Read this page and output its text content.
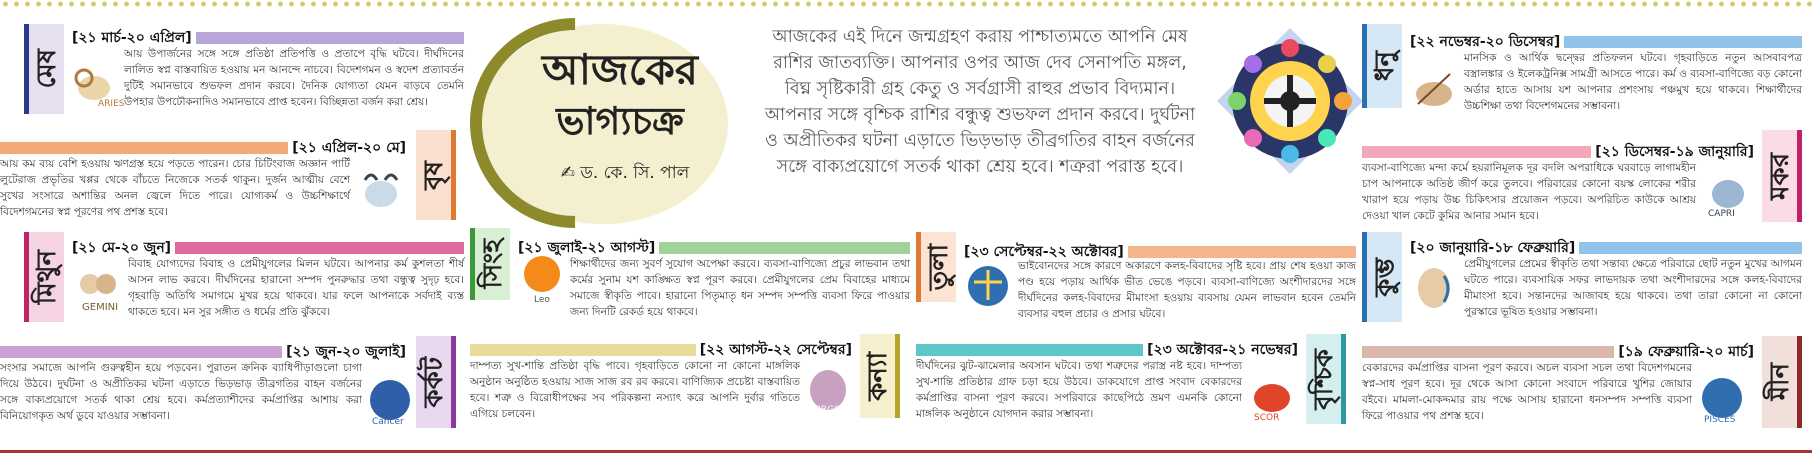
মেষ
[২১ মার্চ-২০ এপ্রিল]
ARIES
আয় উপার্জনের সঙ্গে সঙ্গে প্রতিষ্ঠা প্রতিপত্তি ও প্রতাপে বৃদ্ধি ঘটবে। দীর্ঘদিনের লালিত স্বপ্ন বাস্তবায়িত হওয়ায় মন আনন্দে নাচবে। বিদেশগমন ও স্বদেশ প্রত্যাবর্তন দুটিই সমানভাবে শুভফল প্রদান করবে। দৈনিক যোগ্যতা যেমন বাড়বে তেমনি উপহার উপঢৌকনাদিও সমানভাবে প্রাপ্ত হবেন। বিচ্ছিন্নতা বর্জন করা শ্রেয়।
[২১ এপ্রিল-২০ মে]
আয় কম ব্যয় বেশি হওয়ায় ঋণগ্রস্ত হয়ে পড়তে পারেন। চোর চিটিংবাজ অজ্ঞান পার্টি লুটেরাজ প্রভৃতির খপ্পর থেকে বাঁচতে নিজেকে সতর্ক থাকুন। দুর্জন আত্মীয় বেশে সুখের সংসারে অশান্তির অনল জ্বেলে দিতে পারে। যোগ্যকর্ম ও উচ্চশিক্ষার্থে বিদেশগমনের স্বপ্ন পূরণের পথ প্রশস্ত হবে।
বৃষ
মিথুন
[২১ মে-২০ জুন]
GEMINI
বিবাহ যোগ্যদের বিবাহ ও প্রেমীযুগলের মিলন ঘটবে। আপনার কর্ম কুশলতা শীর্ষ আসন লাভ করবে। দীর্ঘদিনের হারানো সম্পদ পুনরুদ্ধার তথা বন্ধুত্ব সুদৃঢ় হবে। গৃহবাড়ি অতিথি সমাগমে মুখর হয়ে থাকবে। যার ফলে আপনাকে সর্বদাই ব্যস্ত থাকতে হবে। মন সুর সঙ্গীত ও ধর্মের প্রতি ঝুঁকবে।
[২১ জুন-২০ জুলাই]
সংসার সমাজে আপনি গুরুত্বহীন হয়ে পড়বেন। পুরাতন ক্রনিক ব্যাধিপীড়াগুলো চাগা দিয়ে উঠবে। দুর্ঘটনা ও অপ্রীতিকর ঘটনা এড়াতে ভিড়ভাড় তীব্রগতির বাহন বর্জনের সঙ্গে বাক্যপ্রয়োগে সতর্ক থাকা শ্রেয় হবে। কর্মপ্রত্যাশীদের কর্মপ্রাপ্তির আশায় করা বিনিয়োগকৃত অর্থ ডুবে যাওয়ার সম্ভাবনা।	Cancer
কর্কট
আজকের
ভাগ্যচক্র
✍ ড. কে. সি. পাল
আজকের এই দিনে জন্মগ্রহণ করায় পাশ্চাত্যমতে আপনি মেষ রাশির জাতব্যক্তি। আপনার ওপর আজ দেব সেনাপতি মঙ্গল, বিঘ্ন সৃষ্টিকারী গ্রহ কেতু ও সর্বগ্রাসী রাহুর প্রভাব বিদ্যমান। আপনার সঙ্গে বৃশ্চিক রাশির বন্ধুত্ব শুভফল প্রদান করবে। দুর্ঘটনা ও অপ্রীতিকর ঘটনা এড়াতে ভিড়ভাড় তীব্রগতির বাহন বর্জনের সঙ্গে বাক্যপ্রয়োগে সতর্ক থাকা শ্রেয় হবে। শত্রুরা পরাস্ত হবে।
সিংহ [২১ জুলাই-২১ আগস্ট]
Leo
শিক্ষার্থীদের জন্য সুবর্ণ সুযোগ অপেক্ষা করবে। ব্যবসা-বাণিজ্যে প্রচুর লাভবান তথা কর্মের সুনাম যশ কাঙ্ক্ষিত স্বপ্ন পূরণ করবে। প্রেমীযুগলের প্রেম বিবাহের মাধ্যমে সমাজে স্বীকৃতি পাবে। হারানো পিতৃমাতৃ ধন সম্পদ সম্পত্তি ব্যবসা ফিরে পাওয়ার জন্য দিনটি রেকর্ড হয়ে থাকবে।
[২২ আগস্ট-২২ সেপ্টেম্বর]
দাম্পত্য সুখ-শান্তি প্রতিষ্ঠা বৃদ্ধি পাবে। গৃহবাড়িতে কোনো না কোনো মাঙ্গলিক অনুষ্ঠান অনুষ্ঠিত হওয়ায় সাজ সাজ রব রব করবে। বাণিজ্যিক প্রচেষ্টা বাস্তবায়িত হবে। শত্রু ও বিরোধীপক্ষের সব পরিকল্পনা নস্যাৎ করে আপনি দুর্বার গতিতে এগিয়ে চলবেন।	VIRGO
কন্যা
তুলা [২৩ সেপ্টেম্বর-২২ অক্টোবর]
ভাইবোনদের সঙ্গে কারণে অকারণে কলহ-বিবাদের সৃষ্টি হবে। প্রায় শেষ হওয়া কাজ পণ্ড হয়ে পড়ায় আর্থিক ভীত ভেঙে পড়বে। ব্যবসা-বাণিজ্যে অংশীদারদের সঙ্গে দীর্ঘদিনের কলহ-বিবাদের মীমাংসা হওয়ায় ব্যবসায় যেমন লাভবান হবেন তেমনি ব্যবসার বহুল প্রচার ও প্রসার ঘটবে।
[২৩ অক্টোবর-২১ নভেম্বর]
দীর্ঘদিনের ঝুট-ঝামেলার অবসান ঘটবে। তথা শত্রুদের পরাস্ত্র নষ্ট হবে। দাম্পত্য সুখ-শান্তি প্রতিষ্ঠার গ্রাফ চড়া হয়ে উঠবে। ডাকযোগে প্রাপ্ত সংবাদ বেকারদের কর্মপ্রাপ্তির বাসনা পূরণ করবে। সপরিবারে কাছেপিঠে ভ্রমণ এমনকি কোনো মাঙ্গলিক অনুষ্ঠানে যোগদান করার সম্ভাবনা।	SCOR
বৃশ্চিক
ধনু
[২২ নভেম্বর-২০ ডিসেম্বর]
মানসিক ও আর্থিক দ্বন্দ্বের প্রতিফলন ঘটবে। গৃহবাড়িতে নতুন আসবাবপত্র বস্ত্রালঙ্কার ও ইলেকট্রনিক্স সামগ্রী আসতে পারে। কর্ম ও ব্যবসা-বাণিজ্যে বড় কোনো অর্ডার হাতে আসায় যশ আপনার প্রশংসায় পঞ্চমুখ হয়ে থাকবে। শিক্ষার্থীদের উচ্চশিক্ষা তথা বিদেশগমনের সম্ভাবনা।
[২১ ডিসেম্বর-১৯ জানুয়ারি]
ব্যবসা-বাণিজ্যে মন্দা কর্মে হয়রানিমূলক দূর বদলি অপরাধিকে ঘরবাড়ে লাগামহীন চাপ আপনাকে অতিষ্ঠ জীর্ণ করে তুলবে। পরিবারের কোনো বয়স্ক লোকের শরীর খারাপ হয়ে পড়ায় উচ্চ চিকিৎসার প্রয়োজন পড়বে। অপরিচিত কাউকে আশ্রয় দেওয়া খাল কেটে কুমির আনার সমান হবে।	CAPRI
মকর
কুম্ভ
[২০ জানুয়ারি-১৮ ফেব্রুয়ারি]
প্রেমীযুগলের প্রেমের স্বীকৃতি তথা সন্তাব্য ক্ষেত্রে পরিবারে ছোট নতুন মুখের আগমন ঘটতে পারে। ব্যবসায়িক সফর লাভদায়ক তথা অংশীদারদের সঙ্গে কলহ-বিবাদের মীমাংসা হবে। সন্তানদের আজাবহ হয়ে থাকবে। তথা তারা কোনো না কোনো পুরস্কারে ভূষিত হওয়ার সম্ভাবনা।
[১৯ ফেব্রুয়ারি-২০ মার্চ]
বেকারদের কর্মপ্রাপ্তির বাসনা পূরণ করবে। অচল ব্যবসা সচল তথা বিদেশগমনের স্বপ্ন-সাধ পূরণ হবে। দূর থেকে আসা কোনো সংবাদে পরিবারে খুশির জোয়ার বইবে। মামলা-মোকদ্দমার রায় পক্ষে আসায় হারানো ধনসম্পদ সম্পত্তি ব্যবসা ফিরে পাওয়ার পথ প্রশস্ত হবে।	PISCES
মীন
